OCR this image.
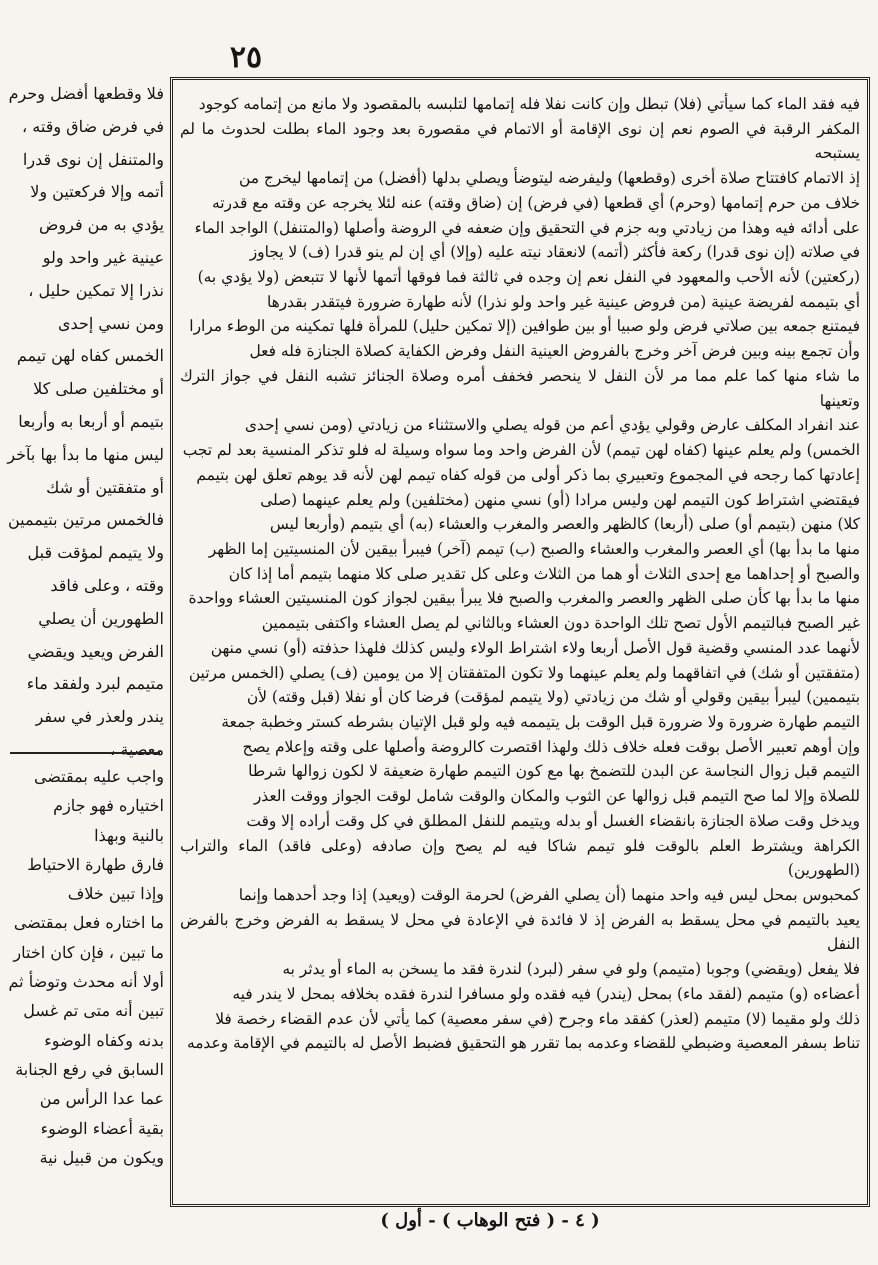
٢٥
فيه فقد الماء كما سيأتي (فلا) تبطل وإن كانت نفلا فله إتمامها لتلبسه بالمقصود ولا مانع من إتمامه كوجود
المكفر الرقبة في الصوم نعم إن نوى الإقامة أو الاتمام في مقصورة بعد وجود الماء بطلت لحدوث ما لم يستبحه
إذ الاتمام كافتتاح صلاة أخرى (وقطعها) وليفرضه ليتوضأ ويصلي بدلها (أفضل) من إتمامها ليخرج من
خلاف من حرم إتمامها (وحرم) أي قطعها (في فرض) إن (ضاق وقته) عنه لئلا يخرجه عن وقته مع قدرته
على أدائه فيه وهذا من زيادتي وبه جزم في التحقيق وإن ضعفه في الروضة وأصلها (والمتنفل) الواجد الماء
في صلاته (إن نوى قدرا) ركعة فأكثر (أتمه) لانعقاد نيته عليه (وإلا) أي إن لم ينو قدرا (ف) لا يجاوز
(ركعتين) لأنه الأحب والمعهود في النفل نعم إن وجده في ثالثة فما فوقها أتمها لأنها لا تتبعض (ولا يؤدي به)
أي بتيممه لفريضة عينية (من فروض عينية غير واحد ولو نذرا) لأنه طهارة ضرورة فيتقدر بقدرها
فيمتنع جمعه بين صلاتي فرض ولو صبيا أو بين طوافين (إلا تمكين حليل) للمرأة فلها تمكينه من الوطء مرارا
وأن تجمع بينه وبين فرض آخر وخرج بالفروض العينية النفل وفرض الكفاية كصلاة الجنازة فله فعل
ما شاء منها كما علم مما مر لأن النفل لا ينحصر فخفف أمره وصلاة الجنائز تشبه النفل في جواز الترك وتعينها
عند انفراد المكلف عارض وقولي يؤدي أعم من قوله يصلي والاستثناء من زيادتي (ومن نسي إحدى
الخمس) ولم يعلم عينها (كفاه لهن تيمم) لأن الفرض واحد وما سواه وسيلة له فلو تذكر المنسية بعد لم تجب
إعادتها كما رجحه في المجموع وتعبيري بما ذكر أولى من قوله كفاه تيمم لهن لأنه قد يوهم تعلق لهن بتيمم
فيقتضي اشتراط كون التيمم لهن وليس مرادا (أو) نسي منهن (مختلفين) ولم يعلم عينهما (صلى
كلا) منهن (بتيمم أو) صلى (أربعا) كالظهر والعصر والمغرب والعشاء (به) أي بتيمم (وأربعا ليس
منها ما بدأ بها) أي العصر والمغرب والعشاء والصبح (ب) تيمم (آخر) فيبرأ بيقين لأن المنسيتين إما الظهر
والصبح أو إحداهما مع إحدى الثلاث أو هما من الثلاث وعلى كل تقدير صلى كلا منهما بتيمم أما إذا كان
منها ما بدأ بها كأن صلى الظهر والعصر والمغرب والصبح فلا يبرأ بيقين لجواز كون المنسيتين العشاء وواحدة
غير الصبح فبالتيمم الأول تصح تلك الواحدة دون العشاء وبالثاني لم يصل العشاء واكتفى بتيممين
لأنهما عدد المنسي وقضية قول الأصل أربعا ولاء اشتراط الولاء وليس كذلك فلهذا حذفته (أو) نسي منهن
(متفقتين أو شك) في اتفاقهما ولم يعلم عينهما ولا تكون المتفقتان إلا من يومين (ف) يصلي (الخمس مرتين
بتيممين) ليبرأ بيقين وقولي أو شك من زيادتي (ولا يتيمم لمؤقت) فرضا كان أو نفلا (قبل وقته) لأن
التيمم طهارة ضرورة ولا ضرورة قبل الوقت بل يتيممه فيه ولو قبل الإتيان بشرطه كستر وخطبة جمعة
وإن أوهم تعبير الأصل بوقت فعله خلاف ذلك ولهذا اقتصرت كالروضة وأصلها على وقته وإعلام يصح
التيمم قبل زوال النجاسة عن البدن للتضمخ بها مع كون التيمم طهارة ضعيفة لا لكون زوالها شرطا
للصلاة وإلا لما صح التيمم قبل زوالها عن الثوب والمكان والوقت شامل لوقت الجواز ووقت العذر
ويدخل وقت صلاة الجنازة بانقضاء الغسل أو بدله ويتيمم للنفل المطلق في كل وقت أراده إلا وقت
الكراهة ويشترط العلم بالوقت فلو تيمم شاكا فيه لم يصح وإن صادفه (وعلى فاقد) الماء والتراب (الطهورين)
كمحبوس بمحل ليس فيه واحد منهما (أن يصلي الفرض) لحرمة الوقت (ويعيد) إذا وجد أحدهما وإنما
يعيد بالتيمم في محل يسقط به الفرض إذ لا فائدة في الإعادة في محل لا يسقط به الفرض وخرج بالفرض النفل
فلا يفعل (ويقضي) وجوبا (متيمم) ولو في سفر (لبرد) لندرة فقد ما يسخن به الماء أو يدثر به
أعضاءه (و) متيمم (لفقد ماء) بمحل (يندر) فيه فقده ولو مسافرا لندرة فقده بخلافه بمحل لا يندر فيه
ذلك ولو مقيما (لا) متيمم (لعذر) كفقد ماء وجرح (في سفر معصية) كما يأتي لأن عدم القضاء رخصة فلا
تناط بسفر المعصية وضبطي للقضاء وعدمه بما تقرر هو التحقيق فضبط الأصل له بالتيمم في الإقامة وعدمه
فلا وقطعها أفضل وحرم
في فرض ضاق وقته ،
والمتنفل إن نوى قدرا
أتمه وإلا فركعتين ولا
يؤدي به من فروض
عينية غير واحد ولو
نذرا إلا تمكين حليل ،
ومن نسي إحدى
الخمس كفاه لهن تيمم
أو مختلفين صلى كلا
بتيمم أو أربعا به وأربعا
ليس منها ما بدأ بها بآخر
أو متفقتين أو شك
فالخمس مرتين بتيممين
ولا يتيمم لمؤقت قبل
وقته ، وعلى فاقد
الطهورين أن يصلي
الفرض ويعيد ويقضي
متيمم لبرد ولفقد ماء
يندر ولعذر في سفر
معصية ،
واجب عليه بمقتضى
اختياره فهو جازم
بالنية وبهذا
فارق طهارة الاحتياط
وإذا تبين خلاف
ما اختاره فعل بمقتضى
ما تبين ، فإن كان اختار
أولا أنه محدث وتوضأ ثم
تبين أنه متى تم غسل
بدنه وكفاه الوضوء
السابق في رفع الجنابة
عما عدا الرأس من
بقية أعضاء الوضوء
ويكون من قبيل نية
( ٤ - ( فتح الوهاب ) - أول )
